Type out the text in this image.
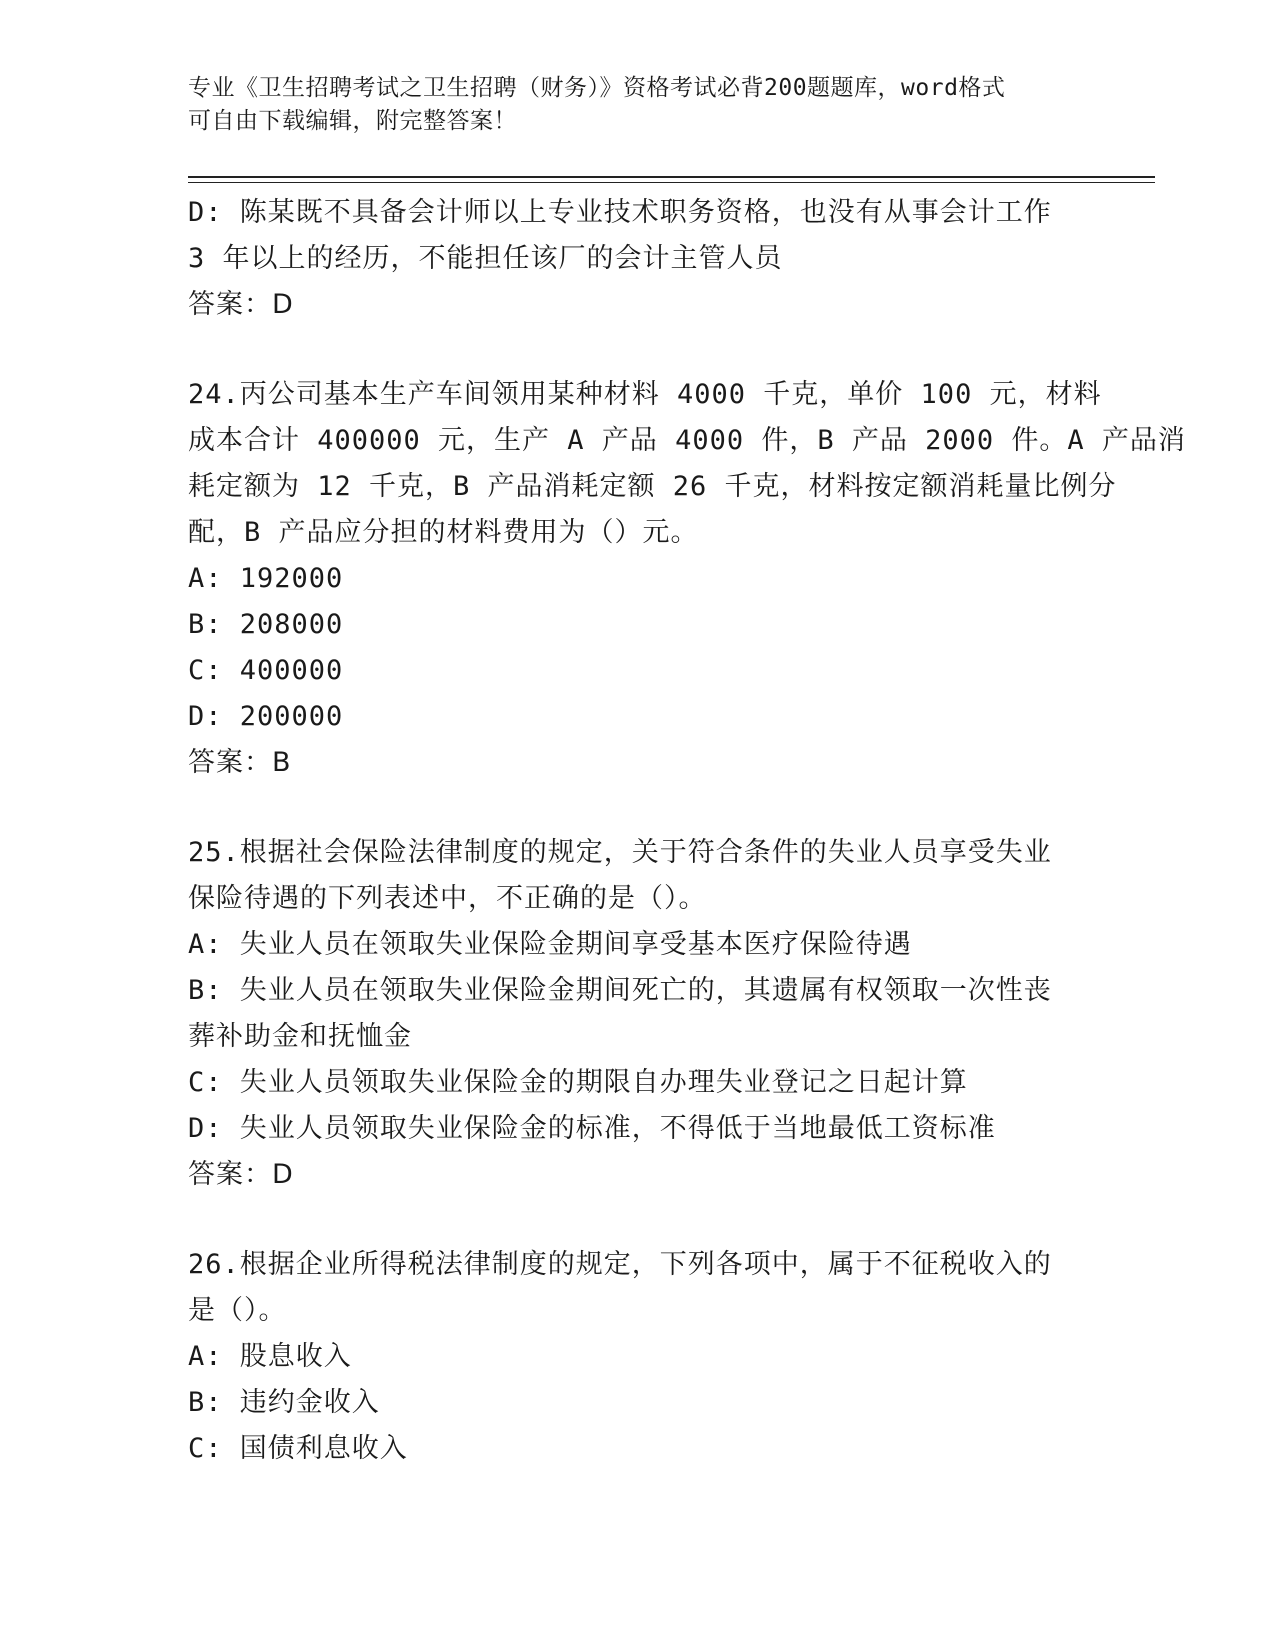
专业《卫生招聘考试之卫生招聘（财务）》资格考试必背200题题库，word格式
可自由下载编辑，附完整答案！
D: 陈某既不具备会计师以上专业技术职务资格，也没有从事会计工作
3 年以上的经历，不能担任该厂的会计主管人员
答案：D
24.丙公司基本生产车间领用某种材料 4000 千克，单价 100 元，材料
成本合计 400000 元，生产 A 产品 4000 件，B 产品 2000 件。A 产品消
耗定额为 12 千克，B 产品消耗定额 26 千克，材料按定额消耗量比例分
配，B 产品应分担的材料费用为（）元。
A: 192000
B: 208000
C: 400000
D: 200000
答案：B
25.根据社会保险法律制度的规定，关于符合条件的失业人员享受失业
保险待遇的下列表述中，不正确的是（）。
A: 失业人员在领取失业保险金期间享受基本医疗保险待遇
B: 失业人员在领取失业保险金期间死亡的，其遗属有权领取一次性丧
葬补助金和抚恤金
C: 失业人员领取失业保险金的期限自办理失业登记之日起计算
D: 失业人员领取失业保险金的标准，不得低于当地最低工资标准
答案：D
26.根据企业所得税法律制度的规定，下列各项中，属于不征税收入的
是（）。
A: 股息收入
B: 违约金收入
C: 国债利息收入
